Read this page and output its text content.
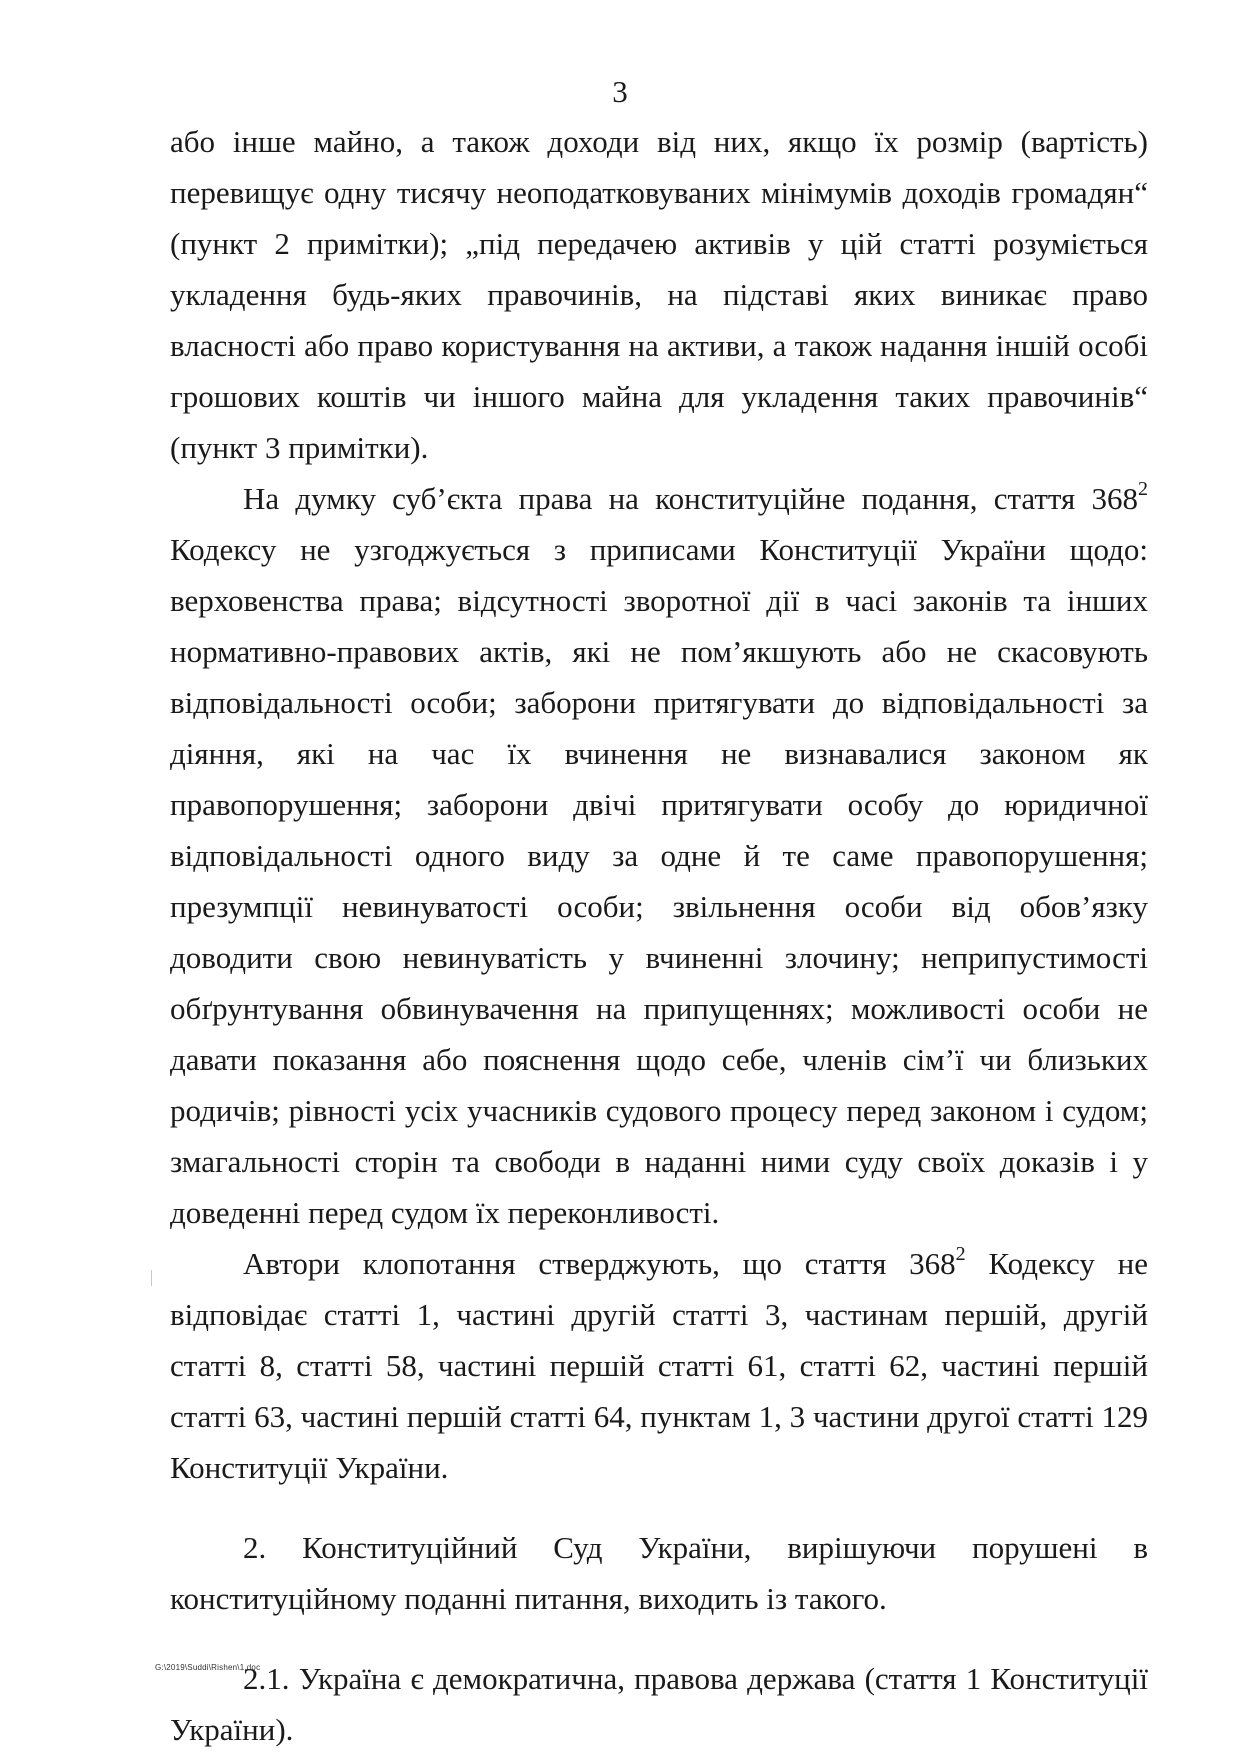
3

або інше майно, а також доходи від них, якщо їх розмір (вартість) перевищує одну тисячу неоподатковуваних мінімумів доходів громадян“ (пункт 2 примітки); „під передачею активів у цій статті розуміється укладення будь-яких правочинів, на підставі яких виникає право власності або право користування на активи, а також надання іншій особі грошових коштів чи іншого майна для укладення таких правочинів“ (пункт 3 примітки).

На думку суб’єкта права на конституційне подання, стаття $368^2$ Кодексу не узгоджується з приписами Конституції України щодо: верховенства права; відсутності зворотної дії в часі законів та інших нормативно-правових актів, які не пом’якшують або не скасовують відповідальності особи; заборони притягувати до відповідальності за діяння, які на час їх вчинення не визнавалися законом як правопорушення; заборони двічі притягувати особу до юридичної відповідальності одного виду за одне й те саме правопорушення; презумпції невинуватості особи; звільнення особи від обов’язку доводити свою невинуватість у вчиненні злочину; неприпустимості обґрунтування обвинувачення на припущеннях; можливості особи не давати показання або пояснення щодо себе, членів сім’ї чи близьких родичів; рівності усіх учасників судового процесу перед законом і судом; змагальності сторін та свободи в наданні ними суду своїх доказів і у доведенні перед судом їх переконливості.

Автори клопотання стверджують, що стаття $368^2$ Кодексу не відповідає статті 1, частині другій статті 3, частинам першій, другій статті 8, статті 58, частині першій статті 61, статті 62, частині першій статті 63, частині першій статті 64, пунктам 1, 3 частини другої статті 129 Конституції України.

2.    Конституційний    Суд    України,    вирішуючи    порушені    в конституційному поданні питання, виходить із такого.

2.1. Україна є демократична, правова держава (стаття 1 Конституції України).

G:\2019\Suddi\Rishen\1.doc
